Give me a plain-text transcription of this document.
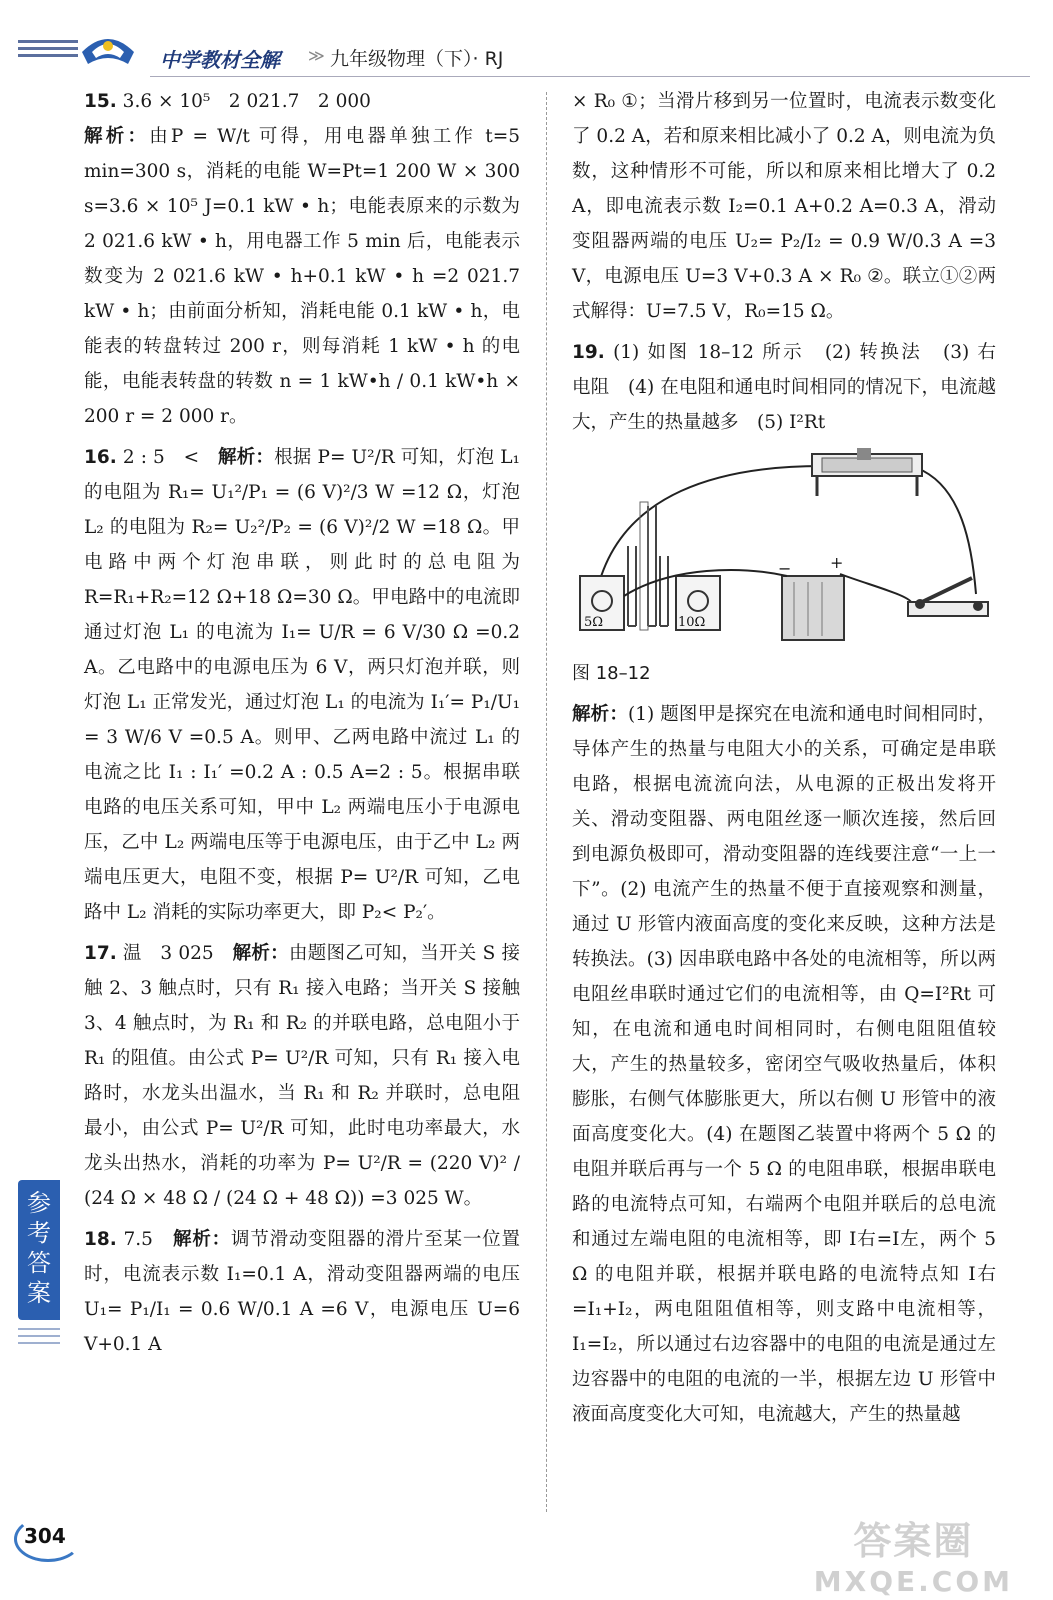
中学教材全解 ≫ 九年级物理（下）· RJ

15. 3.6 × 10⁵　2 021.7　2 000
解析：由P = W/t 可得，用电器单独工作 t=5 min=300 s，消耗的电能 W=Pt=1 200 W × 300 s=3.6 × 10⁵ J=0.1 kW • h；电能表原来的示数为 2 021.6 kW • h，用电器工作 5 min 后，电能表示数变为 2 021.6 kW • h+0.1 kW • h =2 021.7 kW • h；由前面分析知，消耗电能 0.1 kW • h，电能表的转盘转过 200 r，则每消耗 1 kW • h 的电能，电能表转盘的转数 n = 1 kW•h / 0.1 kW•h × 200 r = 2 000 r。

16. 2 : 5　<　 解析：根据 P= U²/R 可知，灯泡 L₁ 的电阻为 R₁= U₁²/P₁ = (6 V)²/3 W =12 Ω，灯泡 L₂ 的电阻为 R₂= U₂²/P₂ = (6 V)²/2 W =18 Ω。甲电路中两个灯泡串联，则此时的总电阻为 R=R₁+R₂=12 Ω+18 Ω=30 Ω。甲电路中的电流即通过灯泡 L₁ 的电流为 I₁= U/R = 6 V/30 Ω =0.2 A。乙电路中的电源电压为 6 V，两只灯泡并联，则灯泡 L₁ 正常发光，通过灯泡 L₁ 的电流为 I₁′= P₁/U₁ = 3 W/6 V =0.5 A。则甲、乙两电路中流过 L₁ 的电流之比 I₁ : I₁′ =0.2 A : 0.5 A=2 : 5。根据串联电路的电压关系可知，甲中 L₂ 两端电压小于电源电压，乙中 L₂ 两端电压等于电源电压，由于乙中 L₂ 两端电压更大，电阻不变，根据 P= U²/R 可知，乙电路中 L₂ 消耗的实际功率更大，即 P₂< P₂′。

17. 温　3 025　 解析：由题图乙可知，当开关 S 接触 2、3 触点时，只有 R₁ 接入电路；当开关 S 接触 3、4 触点时，为 R₁ 和 R₂ 的并联电路，总电阻小于 R₁ 的阻值。由公式 P= U²/R 可知，只有 R₁ 接入电路时，水龙头出温水，当 R₁ 和 R₂ 并联时，总电阻最小，由公式 P= U²/R 可知，此时电功率最大，水龙头出热水，消耗的功率为 P= U²/R = (220 V)² / (24 Ω × 48 Ω / (24 Ω + 48 Ω)) =3 025 W。

18. 7.5　 解析：调节滑动变阻器的滑片至某一位置时，电流表示数 I₁=0.1 A，滑动变阻器两端的电压 U₁= P₁/I₁ = 0.6 W/0.1 A =6 V，电源电压 U=6 V+0.1 A

× R₀ ①；当滑片移到另一位置时，电流表示数变化了 0.2 A，若和原来相比减小了 0.2 A，则电流为负数，这种情形不可能，所以和原来相比增大了 0.2 A，即电流表示数 I₂=0.1 A+0.2 A=0.3 A，滑动变阻器两端的电压 U₂= P₂/I₂ = 0.9 W/0.3 A =3 V，电源电压 U=3 V+0.3 A × R₀ ②。联立①②两式解得：U=7.5 V，R₀=15 Ω。

19. (1) 如图 18–12 所示　(2) 转换法　(3) 右　电阻　(4) 在电阻和通电时间相同的情况下，电流越大，产生的热量越多　(5) I²Rt

5Ω	10Ω
+
−

图 18–12

解析：(1) 题图甲是探究在电流和通电时间相同时，导体产生的热量与电阻大小的关系，可确定是串联电路，根据电流流向法，从电源的正极出发将开关、滑动变阻器、两电阻丝逐一顺次连接，然后回到电源负极即可，滑动变阻器的连线要注意“一上一下”。(2) 电流产生的热量不便于直接观察和测量，通过 U 形管内液面高度的变化来反映，这种方法是转换法。(3) 因串联电路中各处的电流相等，所以两电阻丝串联时通过它们的电流相等，由 Q=I²Rt 可知，在电流和通电时间相同时，右侧电阻阻值较大，产生的热量较多，密闭空气吸收热量后，体积膨胀，右侧气体膨胀更大，所以右侧 U 形管中的液面高度变化大。(4) 在题图乙装置中将两个 5 Ω 的电阻并联后再与一个 5 Ω 的电阻串联，根据串联电路的电流特点可知，右端两个电阻并联后的总电流和通过左端电阻的电流相等，即 I右=I左，两个 5 Ω 的电阻并联，根据并联电路的电流特点知 I右=I₁+I₂，两电阻阻值相等，则支路中电流相等，I₁=I₂，所以通过右边容器中的电阻的电流是通过左边容器中的电阻的电流的一半，根据左边 U 形管中液面高度变化大可知，电流越大，产生的热量越

参考答案
304	答案圈
MXQE.COM
